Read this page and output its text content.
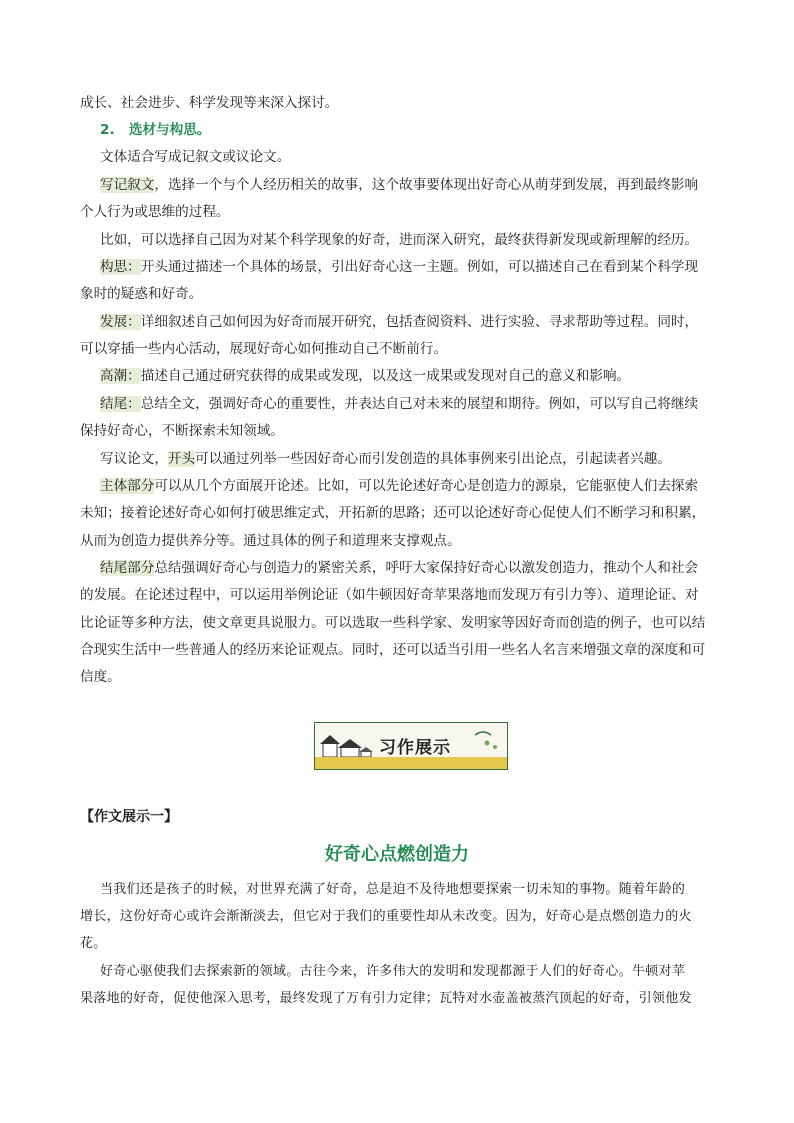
成长、社会进步、科学发现等来深入探讨。
2. 选材与构思。
文体适合写成记叙文或议论文。
写记叙文，选择一个与个人经历相关的故事，这个故事要体现出好奇心从萌芽到发展，再到最终影响
个人行为或思维的过程。
比如，可以选择自己因为对某个科学现象的好奇，进而深入研究，最终获得新发现或新理解的经历。
构思：开头通过描述一个具体的场景，引出好奇心这一主题。例如，可以描述自己在看到某个科学现
象时的疑惑和好奇。
发展：详细叙述自己如何因为好奇而展开研究，包括查阅资料、进行实验、寻求帮助等过程。同时，
可以穿插一些内心活动，展现好奇心如何推动自己不断前行。
高潮：描述自己通过研究获得的成果或发现，以及这一成果或发现对自己的意义和影响。
结尾：总结全文，强调好奇心的重要性，并表达自己对未来的展望和期待。例如，可以写自己将继续
保持好奇心，不断探索未知领域。
写议论文，开头可以通过列举一些因好奇心而引发创造的具体事例来引出论点，引起读者兴趣。
主体部分可以从几个方面展开论述。比如，可以先论述好奇心是创造力的源泉，它能驱使人们去探索
未知；接着论述好奇心如何打破思维定式，开拓新的思路；还可以论述好奇心促使人们不断学习和积累，
从而为创造力提供养分等。通过具体的例子和道理来支撑观点。
结尾部分总结强调好奇心与创造力的紧密关系，呼吁大家保持好奇心以激发创造力，推动个人和社会
的发展。在论述过程中，可以运用举例论证（如牛顿因好奇苹果落地而发现万有引力等）、道理论证、对
比论证等多种方法，使文章更具说服力。可以选取一些科学家、发明家等因好奇而创造的例子，也可以结
合现实生活中一些普通人的经历来论证观点。同时，还可以适当引用一些名人名言来增强文章的深度和可
信度。
习作展示
【作文展示一】
好奇心点燃创造力
当我们还是孩子的时候，对世界充满了好奇，总是迫不及待地想要探索一切未知的事物。随着年龄的
增长，这份好奇心或许会渐渐淡去，但它对于我们的重要性却从未改变。因为，好奇心是点燃创造力的火
花。
好奇心驱使我们去探索新的领域。古往今来，许多伟大的发明和发现都源于人们的好奇心。牛顿对苹
果落地的好奇，促使他深入思考，最终发现了万有引力定律；瓦特对水壶盖被蒸汽顶起的好奇，引领他发
